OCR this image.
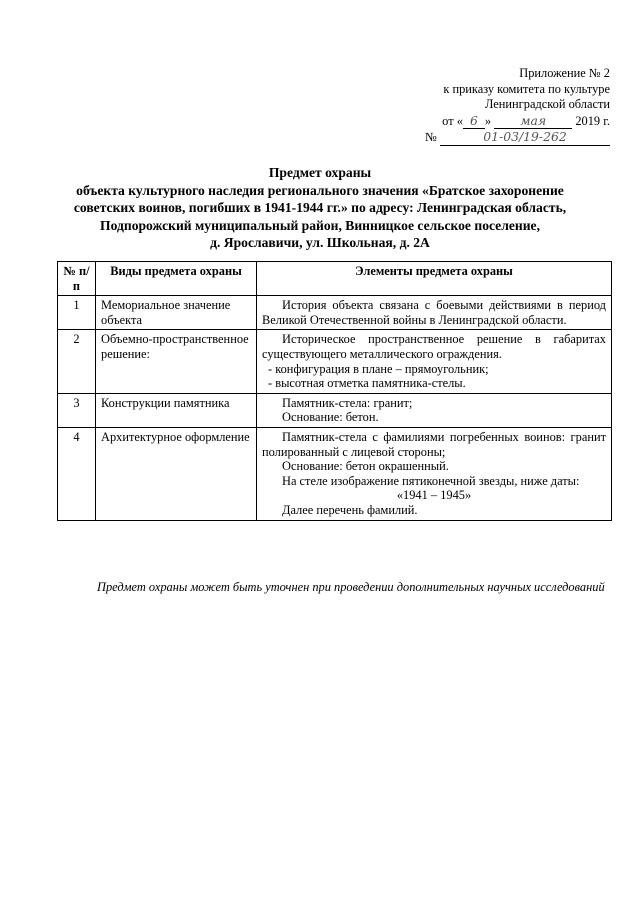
Приложение № 2
к приказу комитета по культуре
Ленинградской области
от « 6 » мая 2019 г.
№	01-03/19-262
Предмет охраны
объекта культурного наследия регионального значения «Братское захоронение
советских воинов, погибших в 1941-1944 гг.» по адресу: Ленинградская область,
Подпорожский муниципальный район, Винницкое сельское поселение,
д. Ярославичи, ул. Школьная, д. 2А
№ п/п	Виды предмета охраны	Элементы предмета охраны
1	Мемориальное значение объекта	История объекта связана с боевыми действиями в период Великой Отечественной войны в Ленинградской области.

2	Объемно-пространственное решение:	Историческое пространственное решение в габаритах существующего металлического ограждения.
- конфигурация в плане – прямоугольник;
- высотная отметка памятника-стелы.

3	Конструкции памятника	Памятник-стела: гранит;
Основание: бетон.

4	Архитектурное оформление	Памятник-стела с фамилиями погребенных воинов: гранит полированный с лицевой стороны;
Основание: бетон окрашенный.
На стеле изображение пятиконечной звезды, ниже даты:
«1941 – 1945»
Далее перечень фамилий.
Предмет охраны может быть уточнен при проведении дополнительных научных исследований
